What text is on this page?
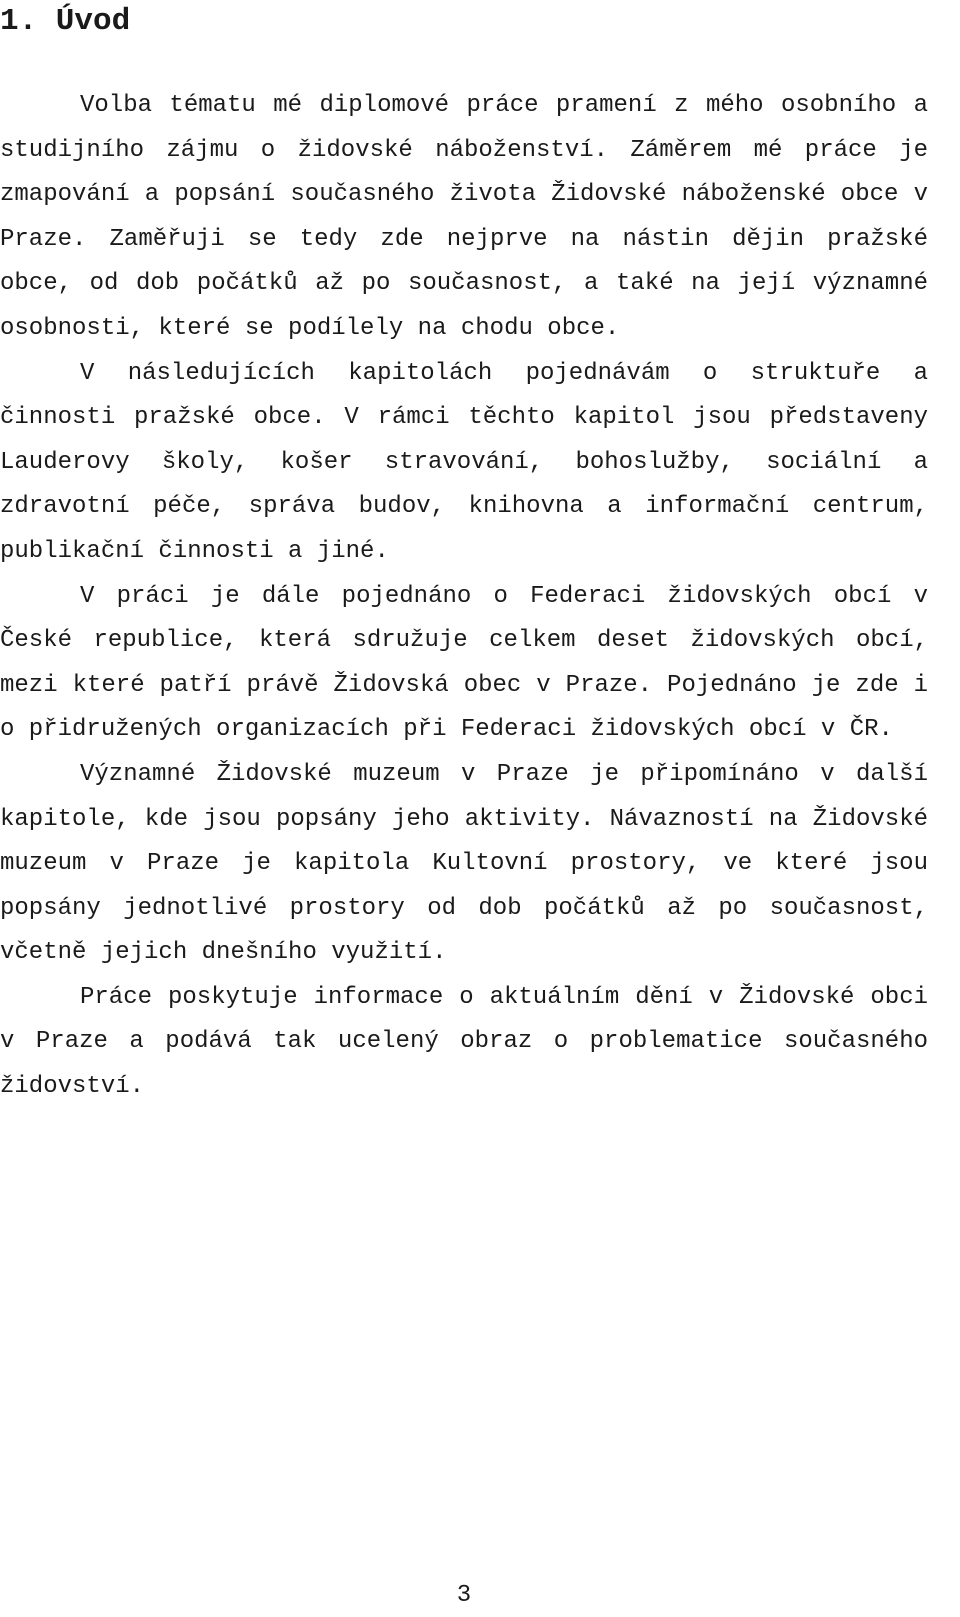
1. Úvod

Volba tématu mé diplomové práce pramení z mého osobního a studijního zájmu o židovské náboženství. Záměrem mé práce je zmapování a popsání současného života Židovské náboženské obce v Praze. Zaměřuji se tedy zde nejprve na nástin dějin pražské obce, od dob počátků až po současnost, a také na její významné osobnosti, které se podílely na chodu obce.

V následujících kapitolách pojednávám o struktuře a činnosti pražské obce. V rámci těchto kapitol jsou představeny Lauderovy školy, košer stravování, bohoslužby, sociální a zdravotní péče, správa budov, knihovna a informační centrum, publikační činnosti a jiné.

V práci je dále pojednáno o Federaci židovských obcí v České republice, která sdružuje celkem deset židovských obcí, mezi které patří právě Židovská obec v Praze. Pojednáno je zde i o přidružených organizacích při Federaci židovských obcí v ČR.

Významné Židovské muzeum v Praze je připomínáno v další kapitole, kde jsou popsány jeho aktivity. Návazností na Židovské muzeum v Praze je kapitola Kultovní prostory, ve které jsou popsány jednotlivé prostory od dob počátků až po současnost, včetně jejich dnešního využití.

Práce poskytuje informace o aktuálním dění v Židovské obci v Praze a podává tak ucelený obraz o problematice současného židovství.

3
